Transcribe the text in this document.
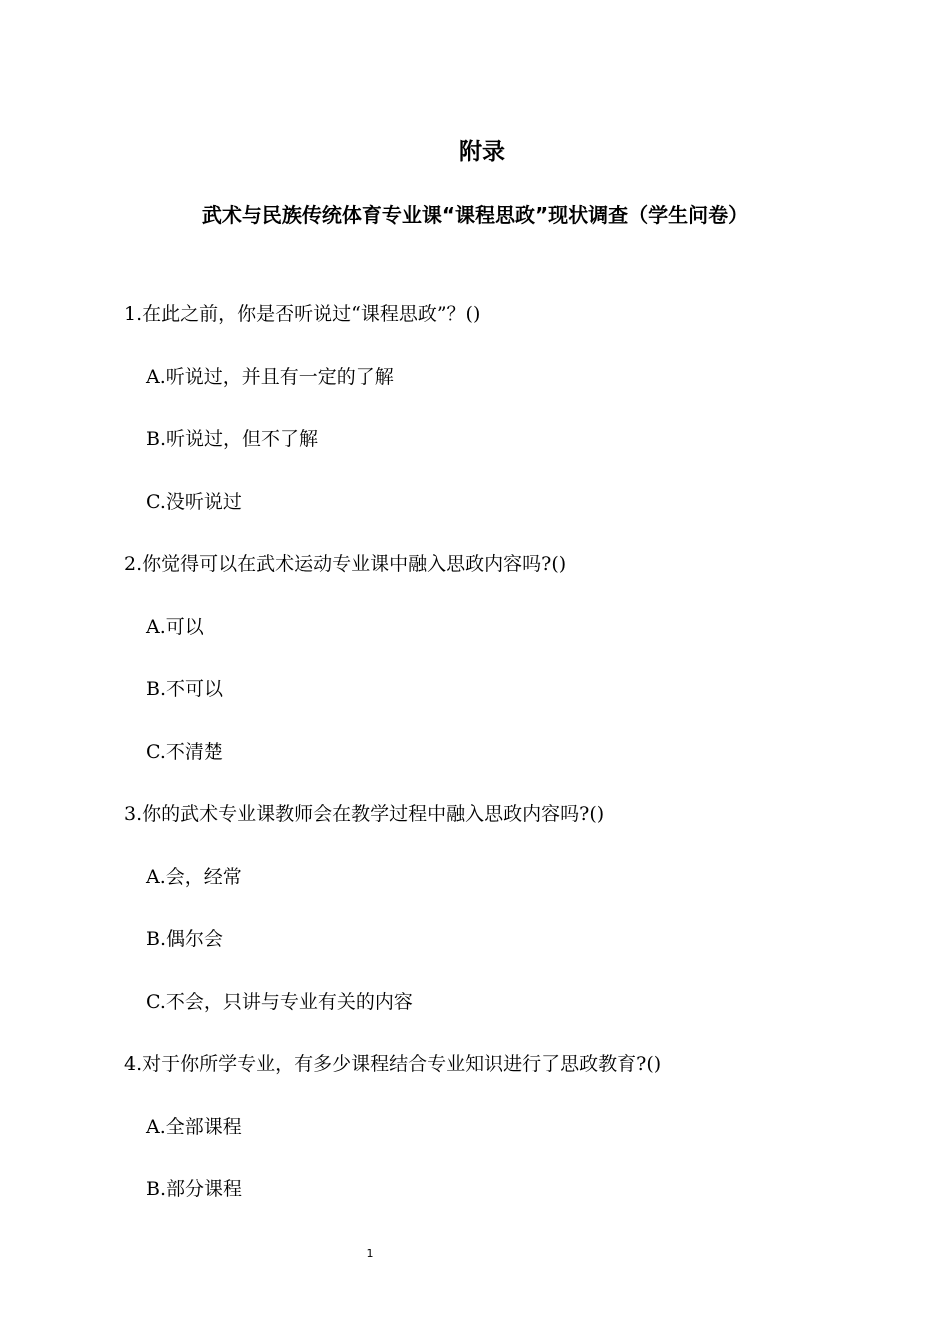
附录
武术与民族传统体育专业课“课程思政”现状调查（学生问卷）

1.在此之前，你是否听说过“课程思政”？()

A.听说过，并且有一定的了解

B.听说过，但不了解

C.没听说过

2.你觉得可以在武术运动专业课中融入思政内容吗?()

A.可以

B.不可以

C.不清楚

3.你的武术专业课教师会在教学过程中融入思政内容吗?()

A.会，经常

B.偶尔会

C.不会，只讲与专业有关的内容

4.对于你所学专业，有多少课程结合专业知识进行了思政教育?()

A.全部课程

B.部分课程

1
